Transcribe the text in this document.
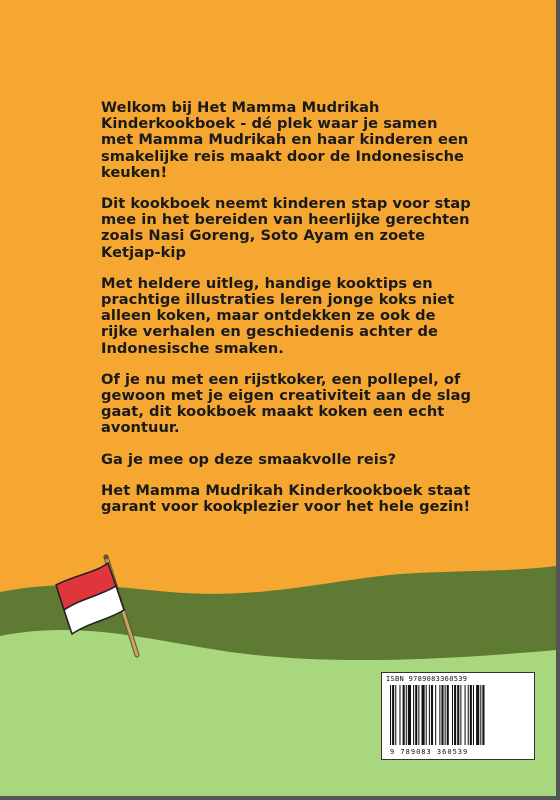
Welkom bij Het Mamma Mudrikah Kinderkookboek - dé plek waar je samen met Mamma Mudrikah en haar kinderen een smakelijke reis maakt door de Indonesische keuken!

Dit kookboek neemt kinderen stap voor stap mee in het bereiden van heerlijke gerechten zoals Nasi Goreng, Soto Ayam en zoete Ketjap-kip

Met heldere uitleg, handige kooktips en prachtige illustraties leren jonge koks niet alleen koken, maar ontdekken ze ook de rijke verhalen en geschiedenis achter de Indonesische smaken.

Of je nu met een rijstkoker, een pollepel, of gewoon met je eigen creativiteit aan de slag gaat, dit kookboek maakt koken een echt avontuur.

Ga je mee op deze smaakvolle reis?

Het Mamma Mudrikah Kinderkookboek staat garant voor kookplezier voor het hele gezin!

ISBN 9789083360539
9 789083 360539
